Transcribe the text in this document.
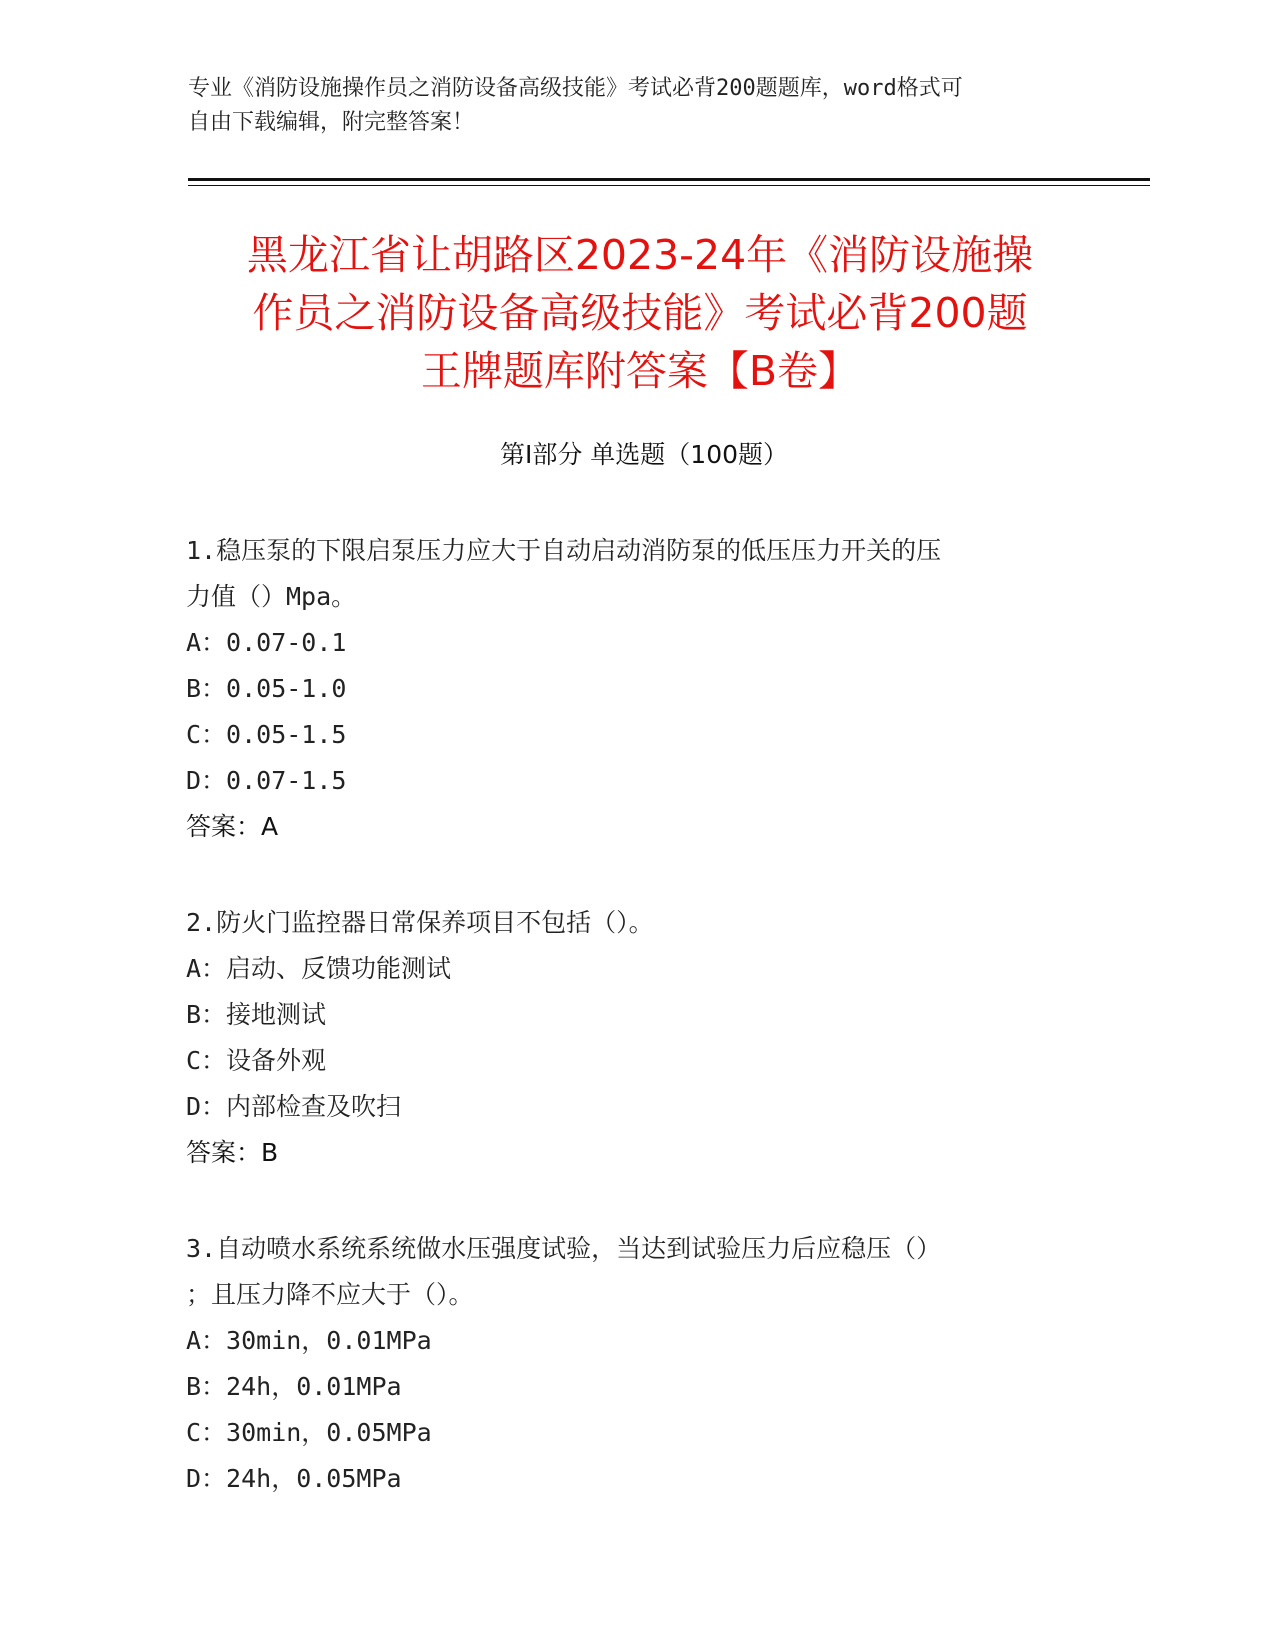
专业《消防设施操作员之消防设备高级技能》考试必背200题题库，word格式可
自由下载编辑，附完整答案！
黑龙江省让胡路区2023-24年《消防设施操
作员之消防设备高级技能》考试必背200题
王牌题库附答案【B卷】
第Ⅰ部分 单选题（100题）
1.稳压泵的下限启泵压力应大于自动启动消防泵的低压压力开关的压
力值（）Mpa。
A：0.07-0.1
B：0.05-1.0
C：0.05-1.5
D：0.07-1.5
答案：A
2.防火门监控器日常保养项目不包括（）。
A：启动、反馈功能测试
B：接地测试
C：设备外观
D：内部检查及吹扫
答案：B
3.自动喷水系统系统做水压强度试验，当达到试验压力后应稳压（）
；且压力降不应大于（）。
A：30min，0.01MPa
B：24h，0.01MPa
C：30min，0.05MPa
D：24h，0.05MPa
